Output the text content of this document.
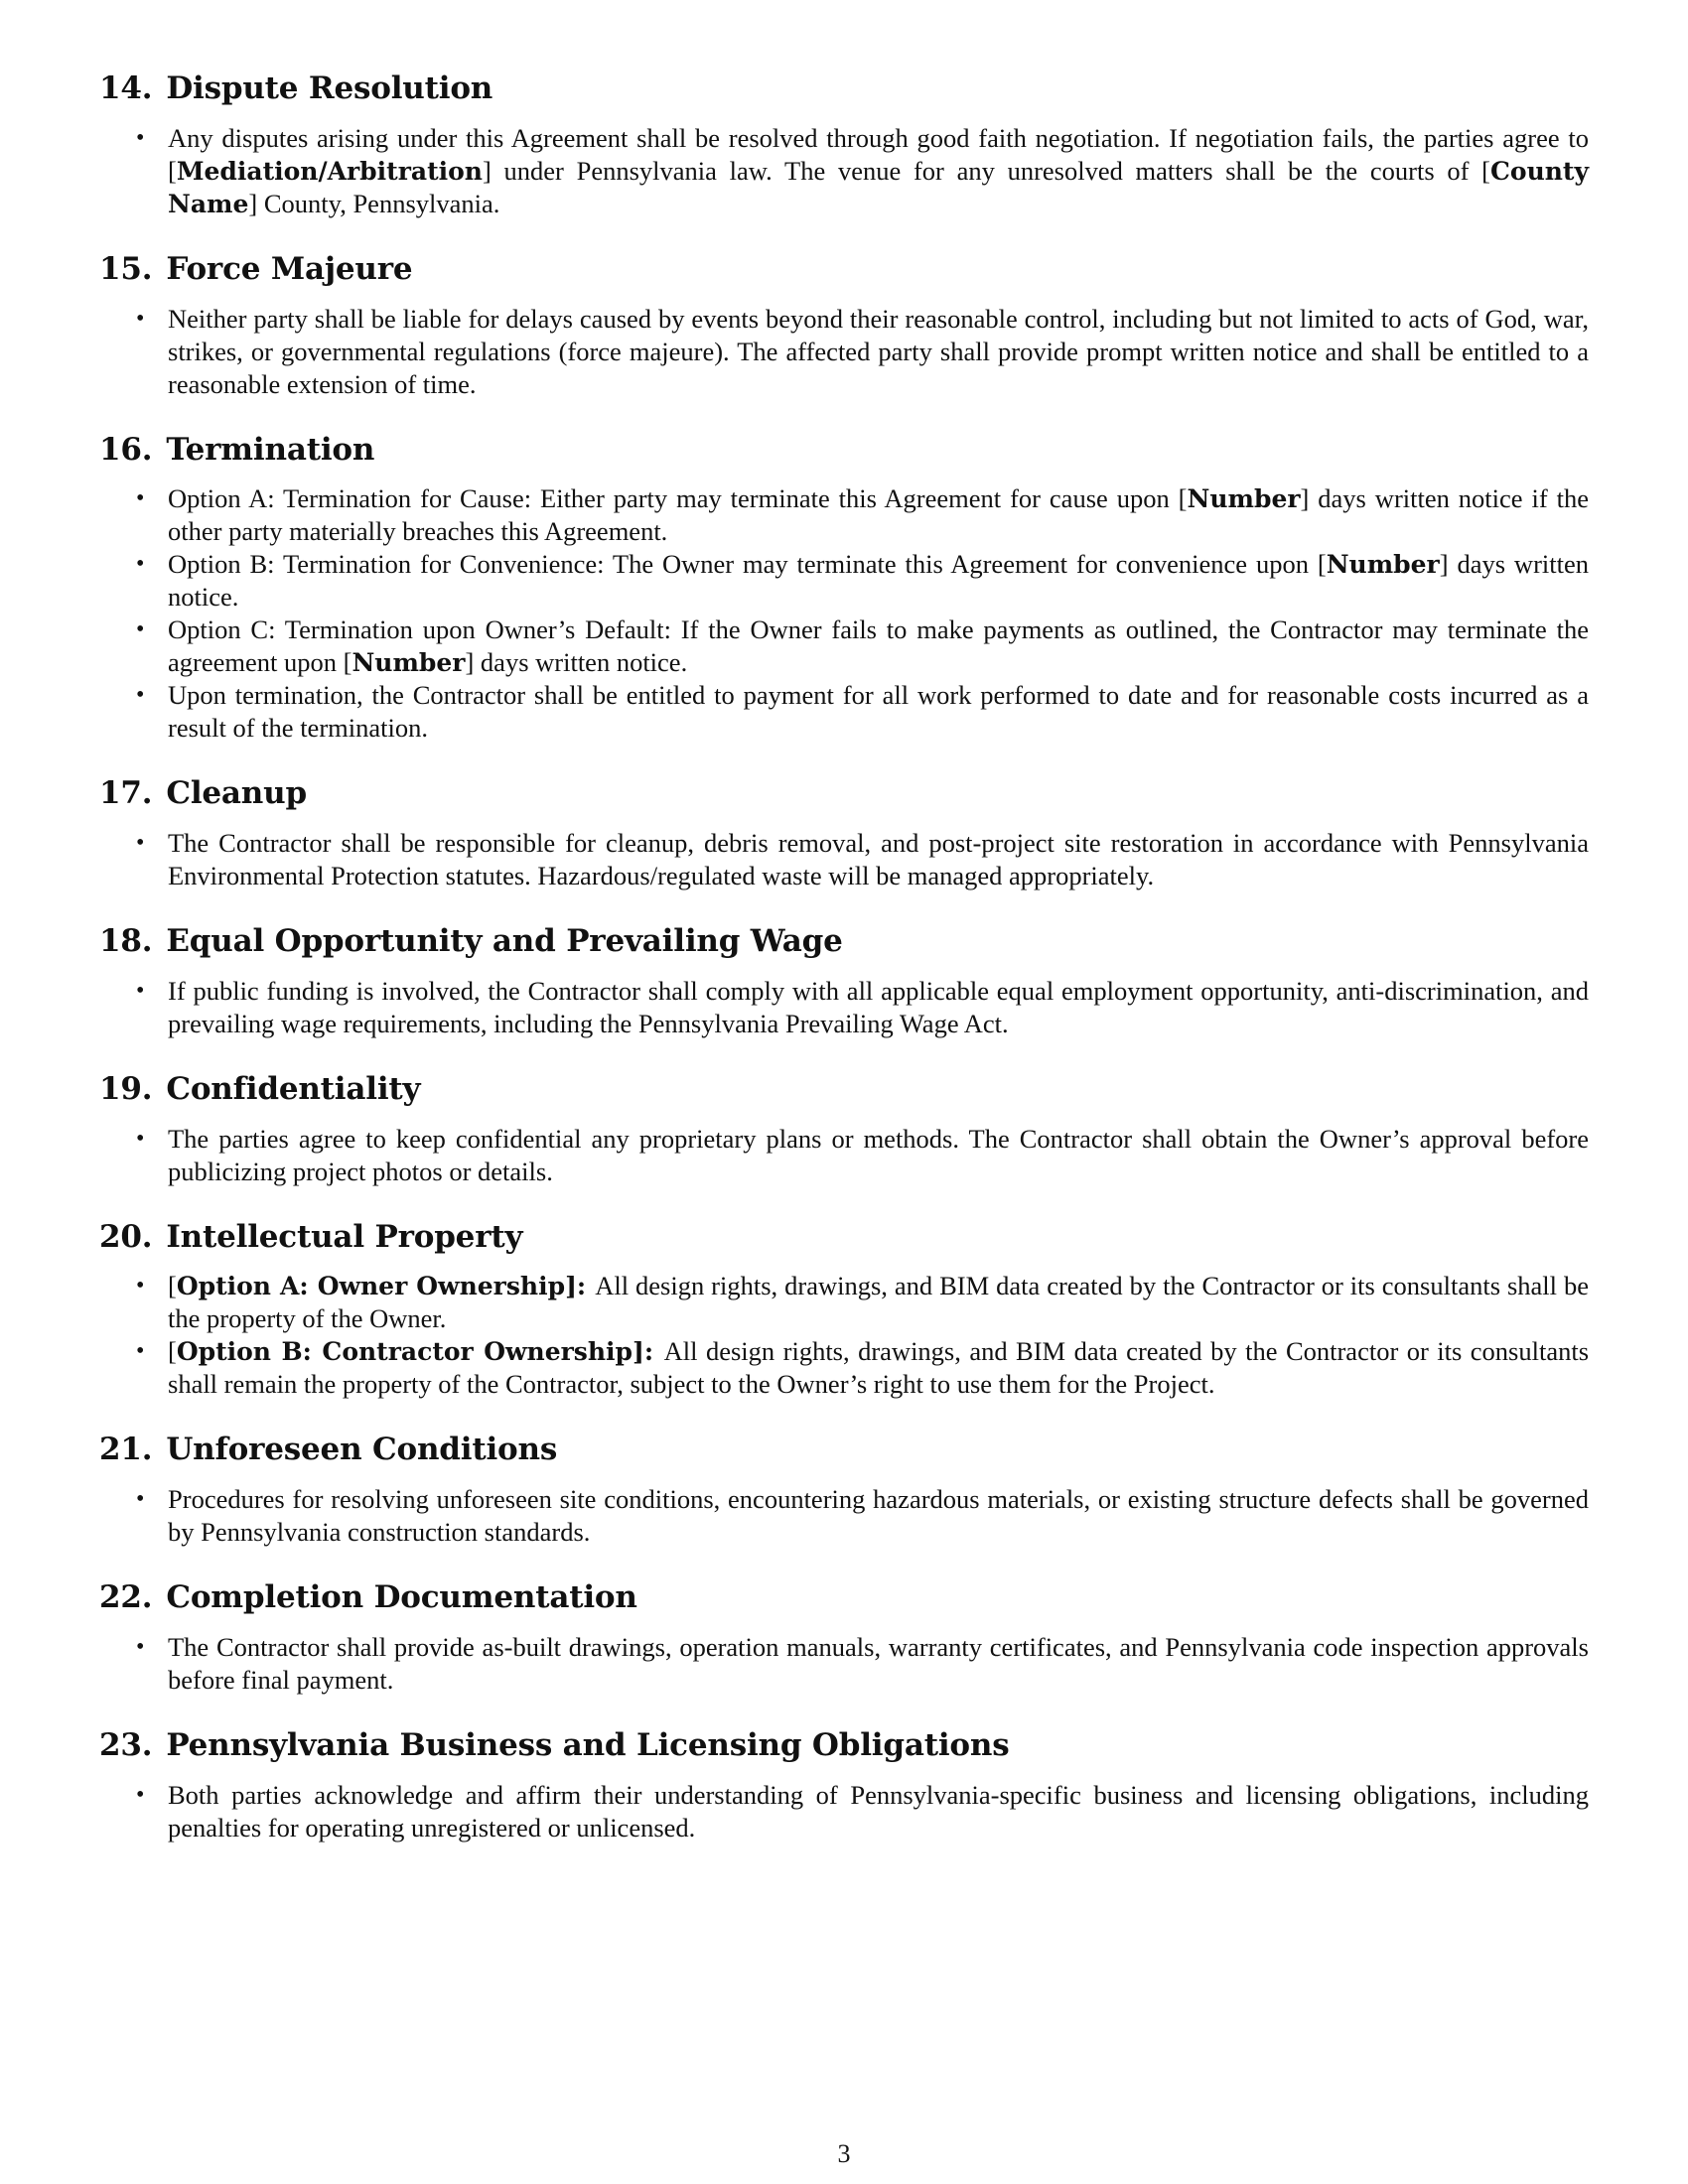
14. Dispute Resolution
• Any disputes arising under this Agreement shall be resolved through good faith negotiation. If negotiation fails, the parties agree to [Mediation/Arbitration] under Pennsylvania law. The venue for any unresolved matters shall be the courts of [County Name] County, Pennsylvania.
15. Force Majeure
• Neither party shall be liable for delays caused by events beyond their reasonable control, including but not limited to acts of God, war, strikes, or governmental regulations (force majeure). The affected party shall provide prompt written notice and shall be entitled to a reasonable extension of time.
16. Termination
• Option A: Termination for Cause: Either party may terminate this Agreement for cause upon [Number] days written notice if the other party materially breaches this Agreement.
• Option B: Termination for Convenience: The Owner may terminate this Agreement for convenience upon [Number] days written notice.
• Option C: Termination upon Owner’s Default: If the Owner fails to make payments as outlined, the Contractor may terminate the agreement upon [Number] days written notice.
• Upon termination, the Contractor shall be entitled to payment for all work performed to date and for reasonable costs incurred as a result of the termination.
17. Cleanup
• The Contractor shall be responsible for cleanup, debris removal, and post-project site restoration in accordance with Pennsylvania Environmental Protection statutes. Hazardous/regulated waste will be managed appropriately.
18. Equal Opportunity and Prevailing Wage
• If public funding is involved, the Contractor shall comply with all applicable equal employment opportunity, anti-discrimination, and prevailing wage requirements, including the Pennsylvania Prevailing Wage Act.
19. Confidentiality
• The parties agree to keep confidential any proprietary plans or methods. The Contractor shall obtain the Owner’s approval before publicizing project photos or details.
20. Intellectual Property
• [Option A: Owner Ownership]: All design rights, drawings, and BIM data created by the Contractor or its consultants shall be the property of the Owner.
• [Option B: Contractor Ownership]: All design rights, drawings, and BIM data created by the Contractor or its consultants shall remain the property of the Contractor, subject to the Owner’s right to use them for the Project.
21. Unforeseen Conditions
• Procedures for resolving unforeseen site conditions, encountering hazardous materials, or existing structure defects shall be governed by Pennsylvania construction standards.
22. Completion Documentation
• The Contractor shall provide as-built drawings, operation manuals, warranty certificates, and Pennsylvania code inspection approvals before final payment.
23. Pennsylvania Business and Licensing Obligations
• Both parties acknowledge and affirm their understanding of Pennsylvania-specific business and licensing obligations, including penalties for operating unregistered or unlicensed.
3
